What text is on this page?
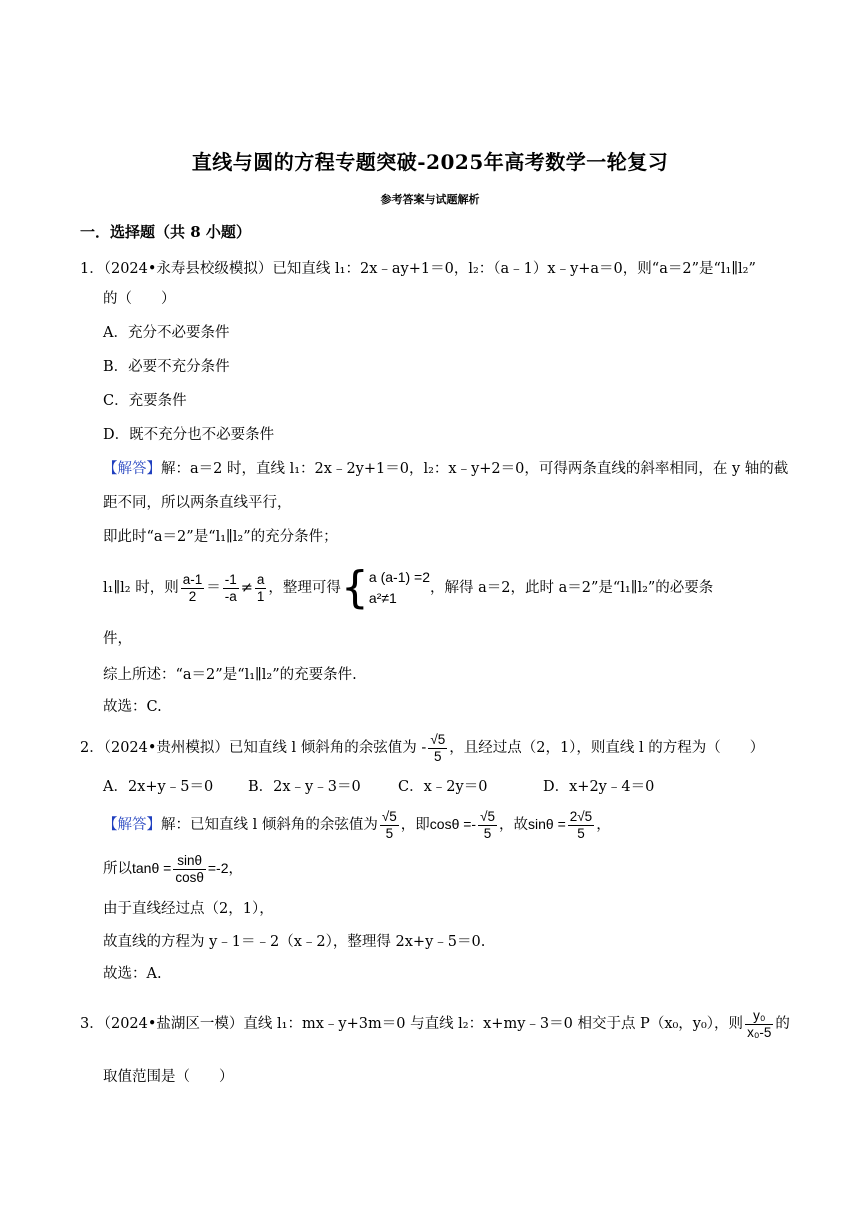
直线与圆的方程专题突破-2025年高考数学一轮复习
参考答案与试题解析
一．选择题（共 8 小题）
1．（2024•永寿县校级模拟）已知直线 l₁：2x﹣ay+1＝0，l₂：（a﹣1）x﹣y+a＝0，则“a＝2”是“l₁∥l₂”
的（　　）
A．充分不必要条件
B．必要不充分条件
C．充要条件
D．既不充分也不必要条件
【解答】解：a＝2 时，直线 l₁：2x﹣2y+1＝0，l₂：x﹣y+2＝0，可得两条直线的斜率相同，在 y 轴的截
距不同，所以两条直线平行，
即此时“a＝2”是“l₁∥l₂”的充分条件；
l₁∥l₂ 时，则 $\frac{a-1}{2} = \frac{-1}{-a} \ne \frac{a}{1}$ ，整理可得{ a (a-1) =2
a²≠1
，解得 a＝2，此时 a＝2”是“l₁∥l₂”的必要条
件，
综上所述：“a＝2”是“l₁∥l₂”的充要条件.
故选：C.
2．（2024•贵州模拟）已知直线 l 倾斜角的余弦值为 - $\frac{√5}{5}$ ，且经过点（2，1），则直线 l 的方程为（　　）
A．2x+y﹣5＝0 B．2x﹣y﹣3＝0	C．x﹣2y＝0	D．x+2y﹣4＝0
【解答】解：已知直线 l 倾斜角的余弦值为 $\frac{√5}{5}$ ，即$\cos\theta =- \frac{√5}{5}$ ，故$\sin\theta = \frac{2√5}{5}$ ，
所以$\tan\theta = \frac{\sin\theta}{\cos\theta} =-2$，
由于直线经过点（2，1），
故直线的方程为 y﹣1＝﹣2（x﹣2），整理得 2x+y﹣5＝0.
故选：A.
3．（2024•盐湖区一模）直线 l₁：mx﹣y+3m＝0 与直线 l₂：x+my﹣3＝0 相交于点 P（x₀，y₀），则 $\frac{\text{y₀}}{\text{x₀-5}}$ 的
取值范围是（　　）
